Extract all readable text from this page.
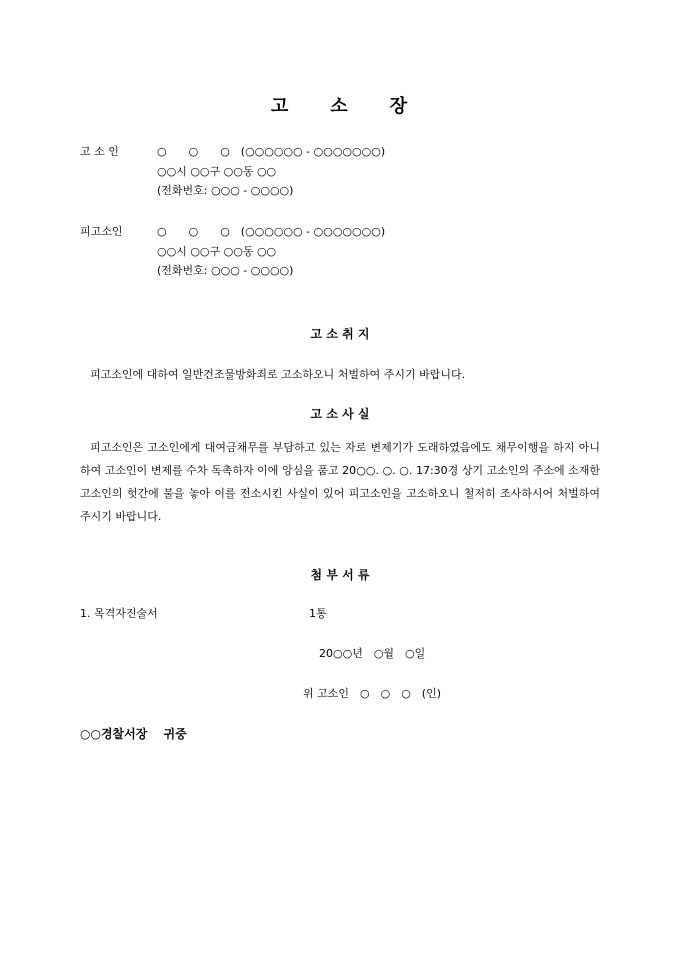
고　　소　　장
고 소 인	○　　○　　○　(○○○○○○ - ○○○○○○○)
○○시 ○○구 ○○동 ○○
(전화번호: ○○○ - ○○○○)
피고소인	○　　○　　○　(○○○○○○ - ○○○○○○○)
○○시 ○○구 ○○동 ○○
(전화번호: ○○○ - ○○○○)
고 소 취 지
피고소인에 대하여 일반건조물방화죄로 고소하오니 처벌하여 주시기 바랍니다.
고 소 사 실
피고소인은 고소인에게 대여금채무를 부담하고 있는 자로 변제기가 도래하였음에도 채무이행을 하지 아니하여 고소인이 변제를 수차 독촉하자 이에 앙심을 품고 20○○. ○. ○. 17:30경 상기 고소인의 주소에 소재한 고소인의 헛간에 불을 놓아 이를 전소시킨 사실이 있어 피고소인을 고소하오니 철저히 조사하시어 처벌하여 주시기 바랍니다.
첨 부 서 류
1. 목격자진술서	1통
20○○년　○월　○일
위 고소인　○　○　○　(인)
○○경찰서장　 귀중
